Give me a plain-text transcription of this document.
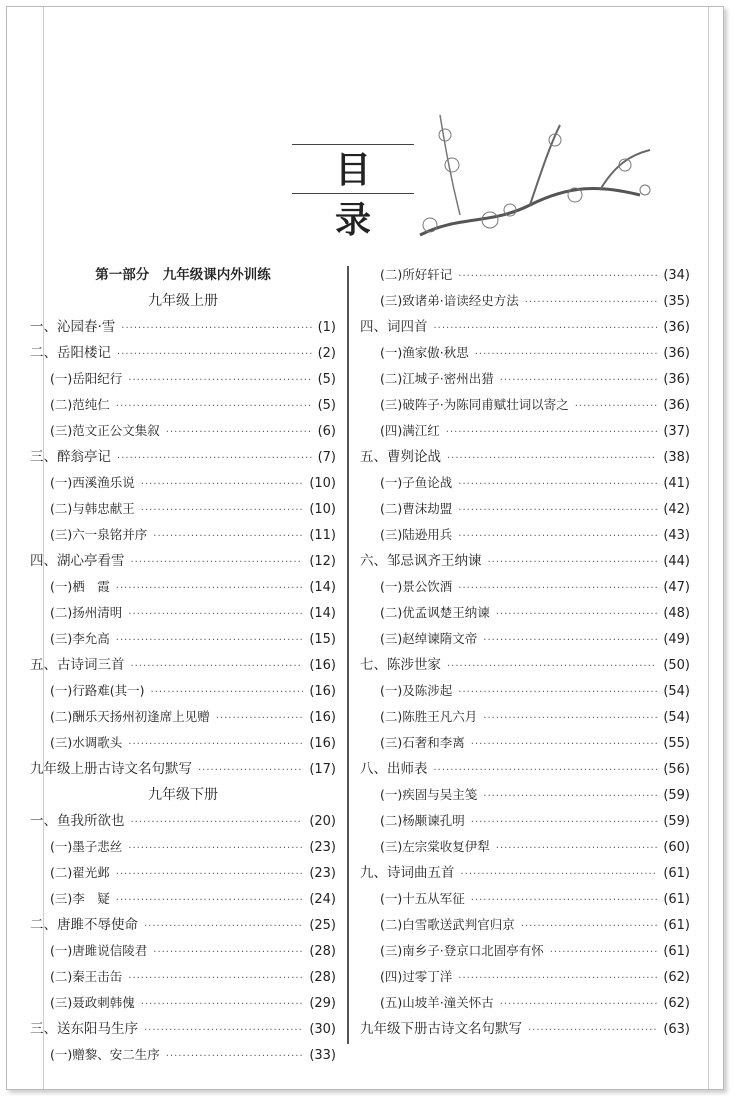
目录
第一部分　九年级课内外训练
九年级上册
一、沁园春·雪 ·····	(1)
二、岳阳楼记 ·····	(2)
(一)岳阳纪行 ·····	(5)
(二)范纯仁 ·····	(5)
(三)范文正公文集叙 ·····	(6)
三、醉翁亭记 ·····	(7)
(一)西溪渔乐说 ·····	(10)
(二)与韩忠献王 ·····	(10)
(三)六一泉铭并序 ·····	(11)
四、湖心亭看雪 ·····	(12)
(一)栖　霞 ·····	(14)
(二)扬州清明 ·····	(14)
(三)李允高 ·····	(15)
五、古诗词三首 ·····	(16)
(一)行路难(其一) ·····	(16)
(二)酬乐天扬州初逢席上见赠 ·····	(16)
(三)水调歌头 ·····	(16)
九年级上册古诗文名句默写 ·····	(17)
九年级下册
一、鱼我所欲也 ·····	(20)
(一)墨子悲丝 ·····	(23)
(二)翟光邺 ·····	(23)
(三)李　疑 ·····	(24)
二、唐雎不辱使命 ·····	(25)
(一)唐雎说信陵君 ·····	(28)
(二)秦王击缶 ·····	(28)
(三)聂政刺韩傀 ·····	(29)
三、送东阳马生序 ·····	(30)
(一)赠黎、安二生序 ·····	(33)
(二)所好轩记 ·····	(34)
(三)致诸弟·谙读经史方法 ·····	(35)
四、词四首 ·····	(36)
(一)渔家傲·秋思 ·····	(36)
(二)江城子·密州出猎 ·····	(36)
(三)破阵子·为陈同甫赋壮词以寄之 ·····	(36)
(四)满江红 ·····	(37)
五、曹刿论战 ·····	(38)
(一)子鱼论战 ·····	(41)
(二)曹沫劫盟 ·····	(42)
(三)陆逊用兵 ·····	(43)
六、邹忌讽齐王纳谏 ·····	(44)
(一)景公饮酒 ·····	(47)
(二)优孟讽楚王纳谏 ·····	(48)
(三)赵绰谏隋文帝 ·····	(49)
七、陈涉世家 ·····	(50)
(一)及陈涉起 ·····	(54)
(二)陈胜王凡六月 ·····	(54)
(三)石奢和李离 ·····	(55)
八、出师表 ·····	(56)
(一)疾固与吴主笺 ·····	(59)
(二)杨颙谏孔明 ·····	(59)
(三)左宗棠收复伊犁 ·····	(60)
九、诗词曲五首 ·····	(61)
(一)十五从军征 ·····	(61)
(二)白雪歌送武判官归京 ·····	(61)
(三)南乡子·登京口北固亭有怀 ·····	(61)
(四)过零丁洋 ·····	(62)
(五)山坡羊·潼关怀古 ·····	(62)
九年级下册古诗文名句默写 ·····	(63)
